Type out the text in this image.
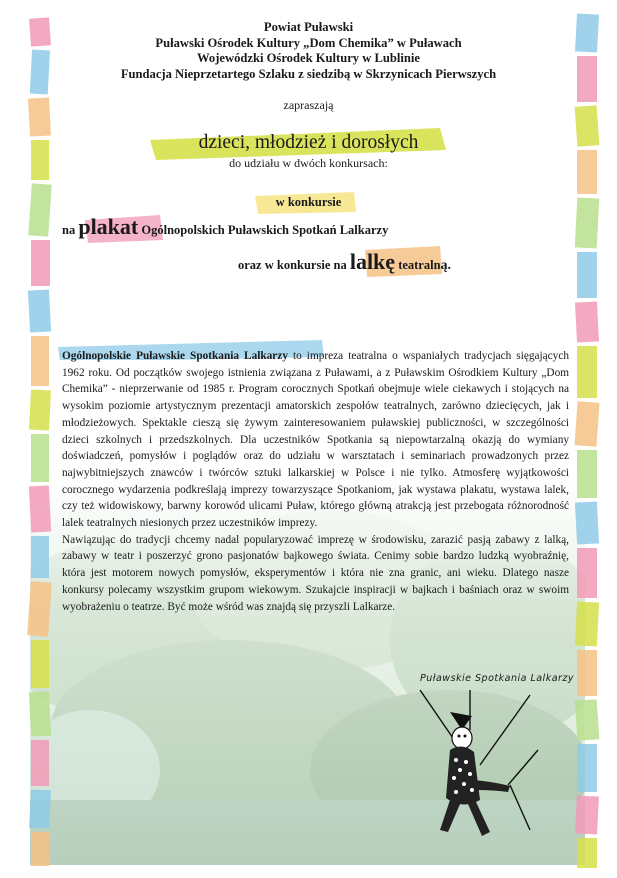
Powiat Puławski
Puławski Ośrodek Kultury „Dom Chemika” w Puławach
Wojewódzki Ośrodek Kultury w Lublinie
Fundacja Nieprzetartego Szlaku z siedzibą w Skrzynicach Pierwszych
zapraszają
dzieci, młodzież i dorosłych
do udziału w dwóch konkursach:
w konkursie
na plakat Ogólnopolskich Puławskich Spotkań Lalkarzy
oraz w konkursie na lalkę teatralną.

Ogólnopolskie Puławskie Spotkania Lalkarzy to impreza teatralna o wspaniałych tradycjach sięgających 1962 roku. Od początków swojego istnienia związana z Puławami, a z Puławskim Ośrodkiem Kultury „Dom Chemika” - nieprzerwanie od 1985 r. Program corocznych Spotkań obejmuje wiele ciekawych i stojących na wysokim poziomie artystycznym prezentacji amatorskich zespołów teatralnych, zarówno dziecięcych, jak i młodzieżowych. Spektakle cieszą się żywym zainteresowaniem puławskiej publiczności, w szczególności dzieci szkolnych i przedszkolnych. Dla uczestników Spotkania są niepowtarzalną okazją do wymiany doświadczeń, pomysłów i poglądów oraz do udziału w warsztatach i seminariach prowadzonych przez najwybitniejszych znawców i twórców sztuki lalkarskiej w Polsce i nie tylko. Atmosferę wyjątkowości corocznego wydarzenia podkreślają imprezy towarzyszące Spotkaniom, jak wystawa plakatu, wystawa lalek, czy też widowiskowy, barwny korowód ulicami Puław, którego główną atrakcją jest przebogata różnorodność lalek teatralnych niesionych przez uczestników imprezy.

Nawiązując do tradycji chcemy nadal popularyzować imprezę w środowisku, zarazić pasją zabawy z lalką, zabawy w teatr i poszerzyć grono pasjonatów bajkowego świata. Cenimy sobie bardzo ludzką wyobraźnię, która jest motorem nowych pomysłów, eksperymentów i która nie zna granic, ani wieku. Dlatego nasze konkursy polecamy wszystkim grupom wiekowym. Szukajcie inspiracji w bajkach i baśniach oraz w swoim wyobrażeniu o teatrze. Być może wśród was znajdą się przyszli Lalkarze.

Puławskie Spotkania Lalkarzy
